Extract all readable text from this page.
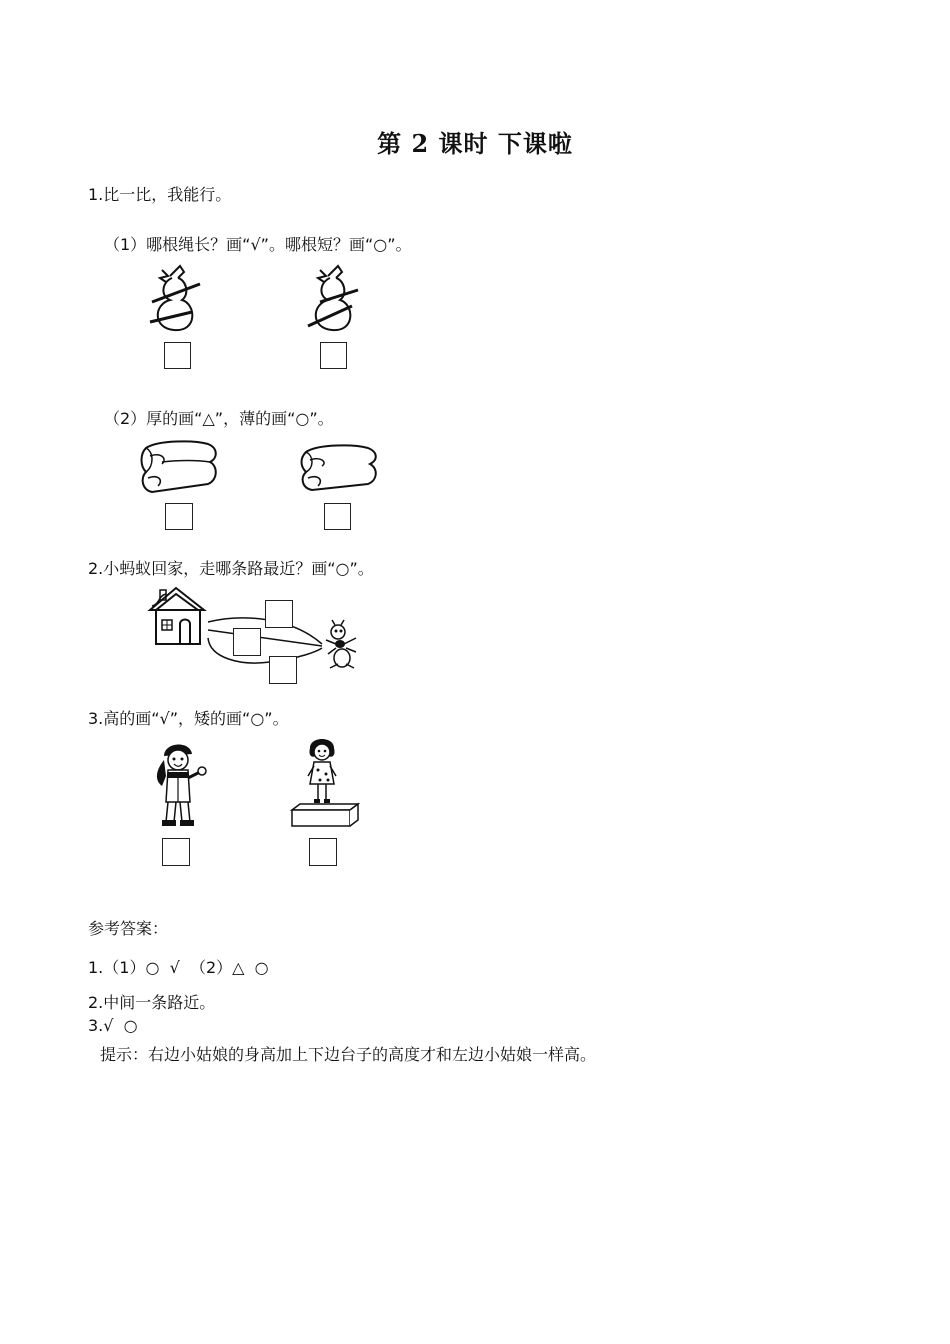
第 2 课时 下课啦
1.比一比，我能行。
（1）哪根绳长？画“√”。哪根短？画“○”。
（2）厚的画“△”，薄的画“○”。
2.小蚂蚁回家，走哪条路最近？画“○”。
3.高的画“√”，矮的画“○”。
参考答案：
1.（1）○  √  （2）△  ○
2.中间一条路近。
3.√  ○
提示：右边小姑娘的身高加上下边台子的高度才和左边小姑娘一样高。
